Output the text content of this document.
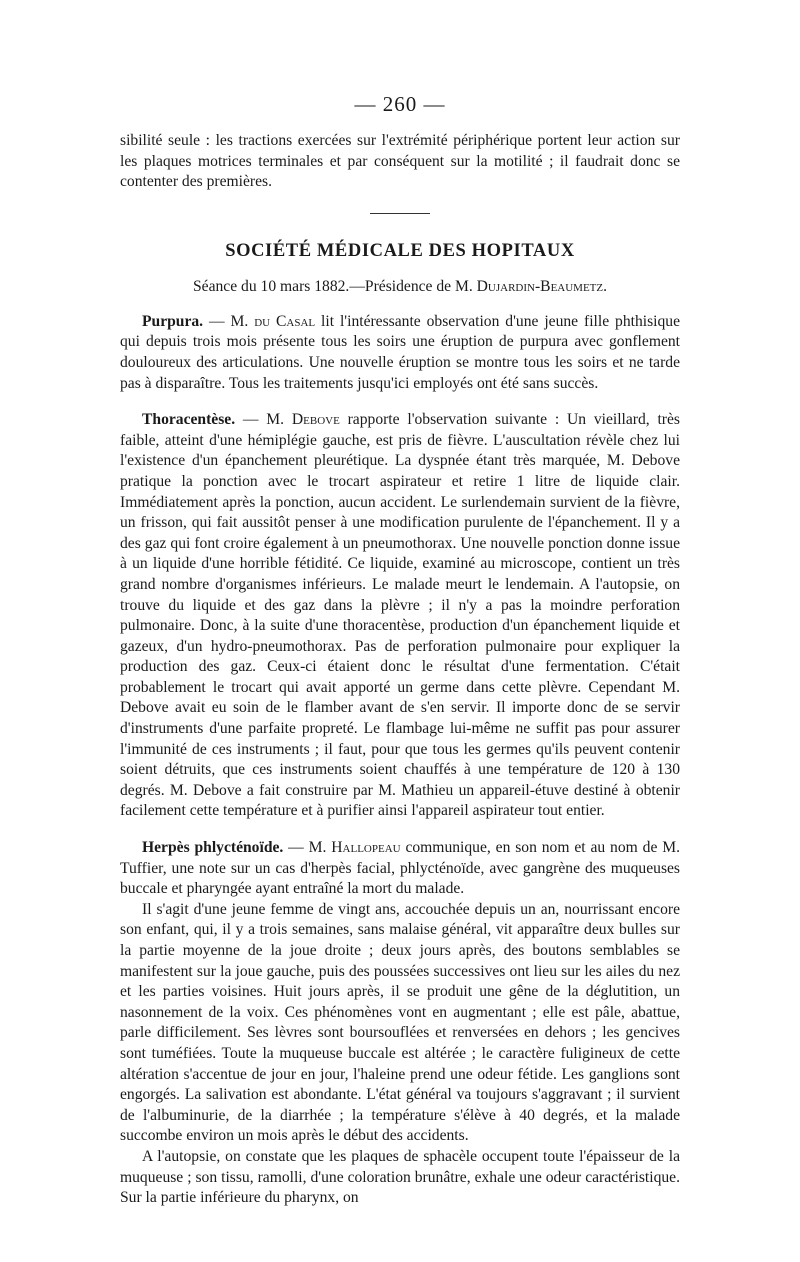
— 260 —

sibilité seule : les tractions exercées sur l'extrémité périphérique portent leur action sur les plaques motrices terminales et par conséquent sur la motilité ; il faudrait donc se contenter des premières.

SOCIÉTÉ MÉDICALE DES HOPITAUX

Séance du 10 mars 1882.—Présidence de M. Dujardin-Beaumetz.

Purpura. — M. du Casal lit l'intéressante observation d'une jeune fille phthisique qui depuis trois mois présente tous les soirs une éruption de purpura avec gonflement douloureux des articulations. Une nouvelle éruption se montre tous les soirs et ne tarde pas à disparaître. Tous les traitements jusqu'ici employés ont été sans succès.

Thoracentèse. — M. Debove rapporte l'observation suivante : Un vieillard, très faible, atteint d'une hémiplégie gauche, est pris de fièvre. L'auscultation révèle chez lui l'existence d'un épanchement pleurétique. La dyspnée étant très marquée, M. Debove pratique la ponction avec le trocart aspirateur et retire 1 litre de liquide clair. Immédiatement après la ponction, aucun accident. Le surlendemain survient de la fièvre, un frisson, qui fait aussitôt penser à une modification purulente de l'épanchement. Il y a des gaz qui font croire également à un pneumothorax. Une nouvelle ponction donne issue à un liquide d'une horrible fétidité. Ce liquide, examiné au microscope, contient un très grand nombre d'organismes inférieurs. Le malade meurt le lendemain. A l'autopsie, on trouve du liquide et des gaz dans la plèvre ; il n'y a pas la moindre perforation pulmonaire. Donc, à la suite d'une thoracentèse, production d'un épanchement liquide et gazeux, d'un hydro-pneumothorax. Pas de perforation pulmonaire pour expliquer la production des gaz. Ceux-ci étaient donc le résultat d'une fermentation. C'était probablement le trocart qui avait apporté un germe dans cette plèvre. Cependant M. Debove avait eu soin de le flamber avant de s'en servir. Il importe donc de se servir d'instruments d'une parfaite propreté. Le flambage lui-même ne suffit pas pour assurer l'immunité de ces instruments ; il faut, pour que tous les germes qu'ils peuvent contenir soient détruits, que ces instruments soient chauffés à une température de 120 à 130 degrés. M. Debove a fait construire par M. Mathieu un appareil-étuve destiné à obtenir facilement cette température et à purifier ainsi l'appareil aspirateur tout entier.

Herpès phlycténoïde. — M. Hallopeau communique, en son nom et au nom de M. Tuffier, une note sur un cas d'herpès facial, phlycténoïde, avec gangrène des muqueuses buccale et pharyngée ayant entraîné la mort du malade.

Il s'agit d'une jeune femme de vingt ans, accouchée depuis un an, nourrissant encore son enfant, qui, il y a trois semaines, sans malaise général, vit apparaître deux bulles sur la partie moyenne de la joue droite ; deux jours après, des boutons semblables se manifestent sur la joue gauche, puis des poussées successives ont lieu sur les ailes du nez et les parties voisines. Huit jours après, il se produit une gêne de la déglutition, un nasonnement de la voix. Ces phénomènes vont en augmentant ; elle est pâle, abattue, parle difficilement. Ses lèvres sont boursouflées et renversées en dehors ; les gencives sont tuméfiées. Toute la muqueuse buccale est altérée ; le caractère fuligineux de cette altération s'accentue de jour en jour, l'haleine prend une odeur fétide. Les ganglions sont engorgés. La salivation est abondante. L'état général va toujours s'aggravant ; il survient de l'albuminurie, de la diarrhée ; la température s'élève à 40 degrés, et la malade succombe environ un mois après le début des accidents.

A l'autopsie, on constate que les plaques de sphacèle occupent toute l'épaisseur de la muqueuse ; son tissu, ramolli, d'une coloration brunâtre, exhale une odeur caractéristique. Sur la partie inférieure du pharynx, on
